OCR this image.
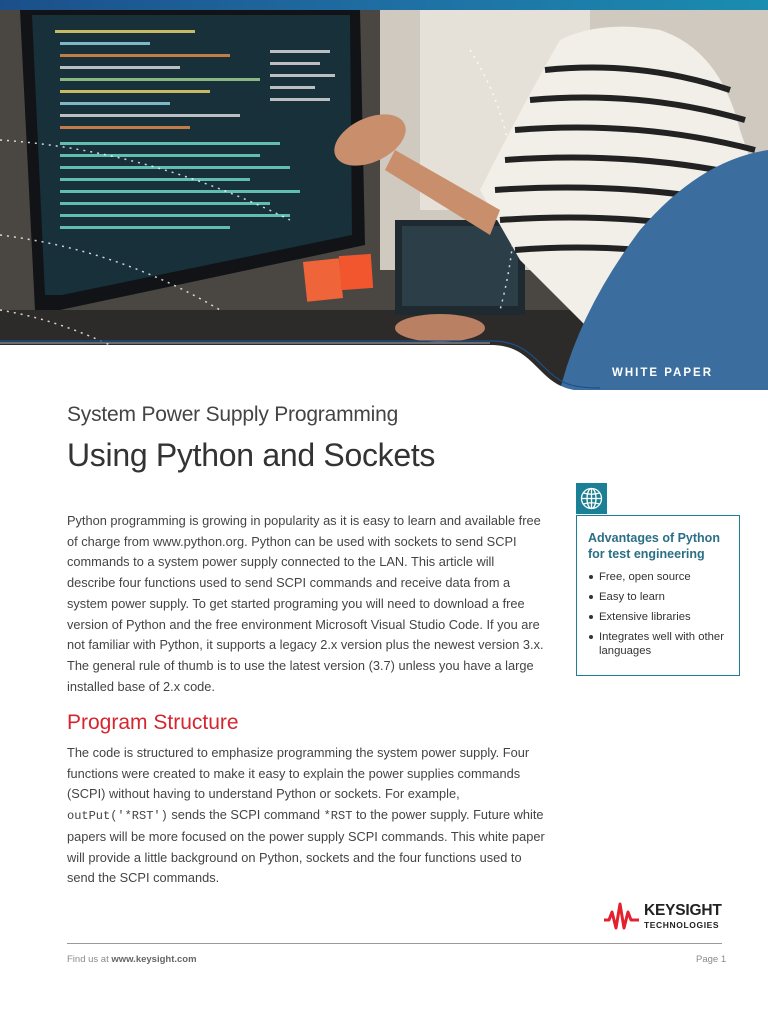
WHITE PAPER
System Power Supply Programming
Using Python and Sockets

Python programming is growing in popularity as it is easy to learn and available free of charge from www.python.org. Python can be used with sockets to send SCPI commands to a system power supply connected to the LAN. This article will describe four functions used to send SCPI commands and receive data from a system power supply. To get started programing you will need to download a free version of Python and the free environment Microsoft Visual Studio Code. If you are not familiar with Python, it supports a legacy 2.x version plus the newest version 3.x. The general rule of thumb is to use the latest version (3.7) unless you have a large installed base of 2.x code.

Program Structure

The code is structured to emphasize programming the system power supply. Four functions were created to make it easy to explain the power supplies commands (SCPI) without having to understand Python or sockets. For example, outPut('*RST') sends the SCPI command *RST to the power supply. Future white papers will be more focused on the power supply SCPI commands. This white paper will provide a little background on Python, sockets and the four functions used to send the SCPI commands.

Advantages of Python for test engineering

Free, open source
Easy to learn
Extensive libraries
Integrates well with other languages
KEYSIGHT
TECHNOLOGIES
Find us at www.keysight.com	Page 1
